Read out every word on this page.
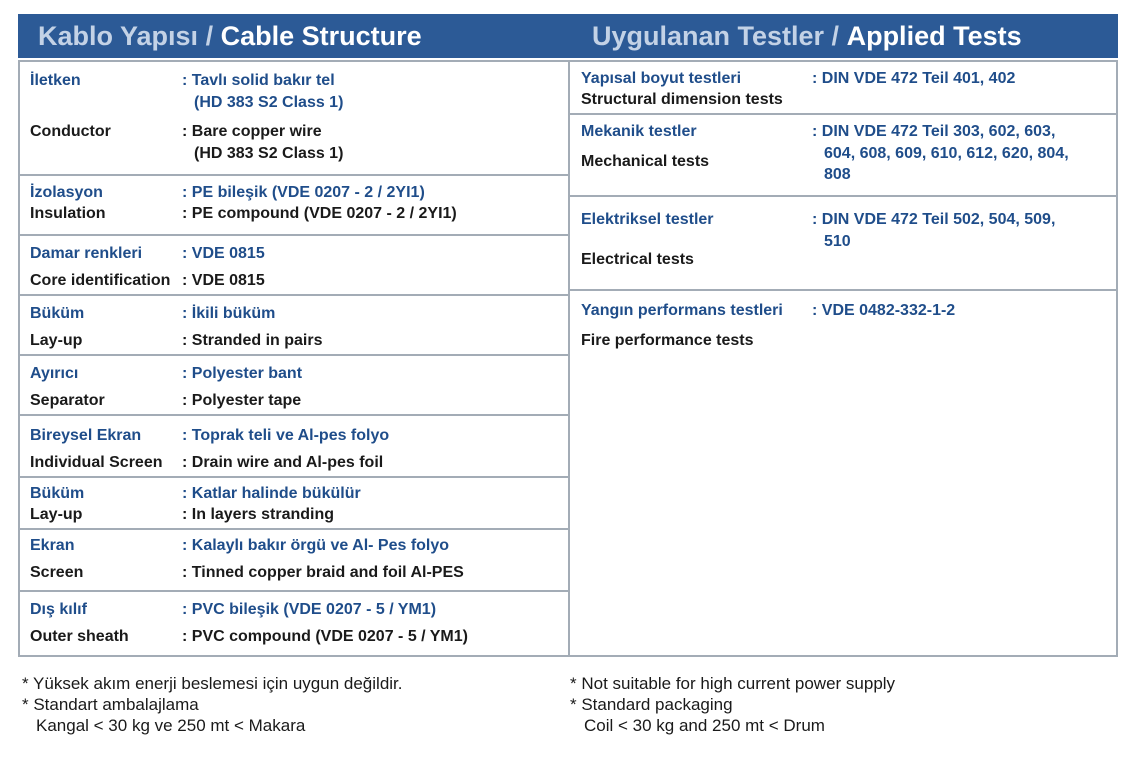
Kablo Yapısı /
Cable Structure	Uygulanan Testler /
Applied Tests
İletken	: Tavlı solid bakır tel
(HD 383 S2 Class 1)
Conductor	: Bare copper wire
(HD 383 S2 Class 1)
İzolasyon	: PE bileşik (VDE 0207 - 2 / 2YI1)
Insulation	: PE compound (VDE 0207 - 2 / 2YI1)
Damar renkleri : VDE 0815
Core identification : VDE 0815
Büküm	: İkili büküm
Lay-up	: Stranded in pairs
Ayırıcı	: Polyester bant
Separator	: Polyester tape
Bireysel Ekran	: Toprak teli ve Al-pes folyo
Individual Screen : Drain wire and Al-pes foil
Büküm	: Katlar halinde bükülür
Lay-up	: In layers stranding
Ekran	: Kalaylı bakır örgü ve Al- Pes folyo
Screen	: Tinned copper braid and foil Al-PES
Dış kılıf	: PVC bileşik (VDE 0207 - 5 / YM1)
Outer sheath	: PVC compound (VDE 0207 - 5 / YM1)
Yapısal boyut testleri	: DIN VDE 472 Teil 401, 402
Structural dimension tests
Mekanik testler	: DIN VDE 472 Teil 303, 602, 603,
604, 608, 609, 610, 612, 620, 804,
808
Mechanical tests
Elektriksel testler	: DIN VDE 472 Teil 502, 504, 509,
510
Electrical tests
Yangın performans testleri : VDE 0482-332-1-2
Fire performance tests
* Yüksek akım enerji beslemesi için uygun değildir.
* Standart ambalajlama
Kangal < 30 kg ve 250 mt < Makara
* Not suitable for high current power supply
* Standard packaging
Coil < 30 kg and 250 mt < Drum
